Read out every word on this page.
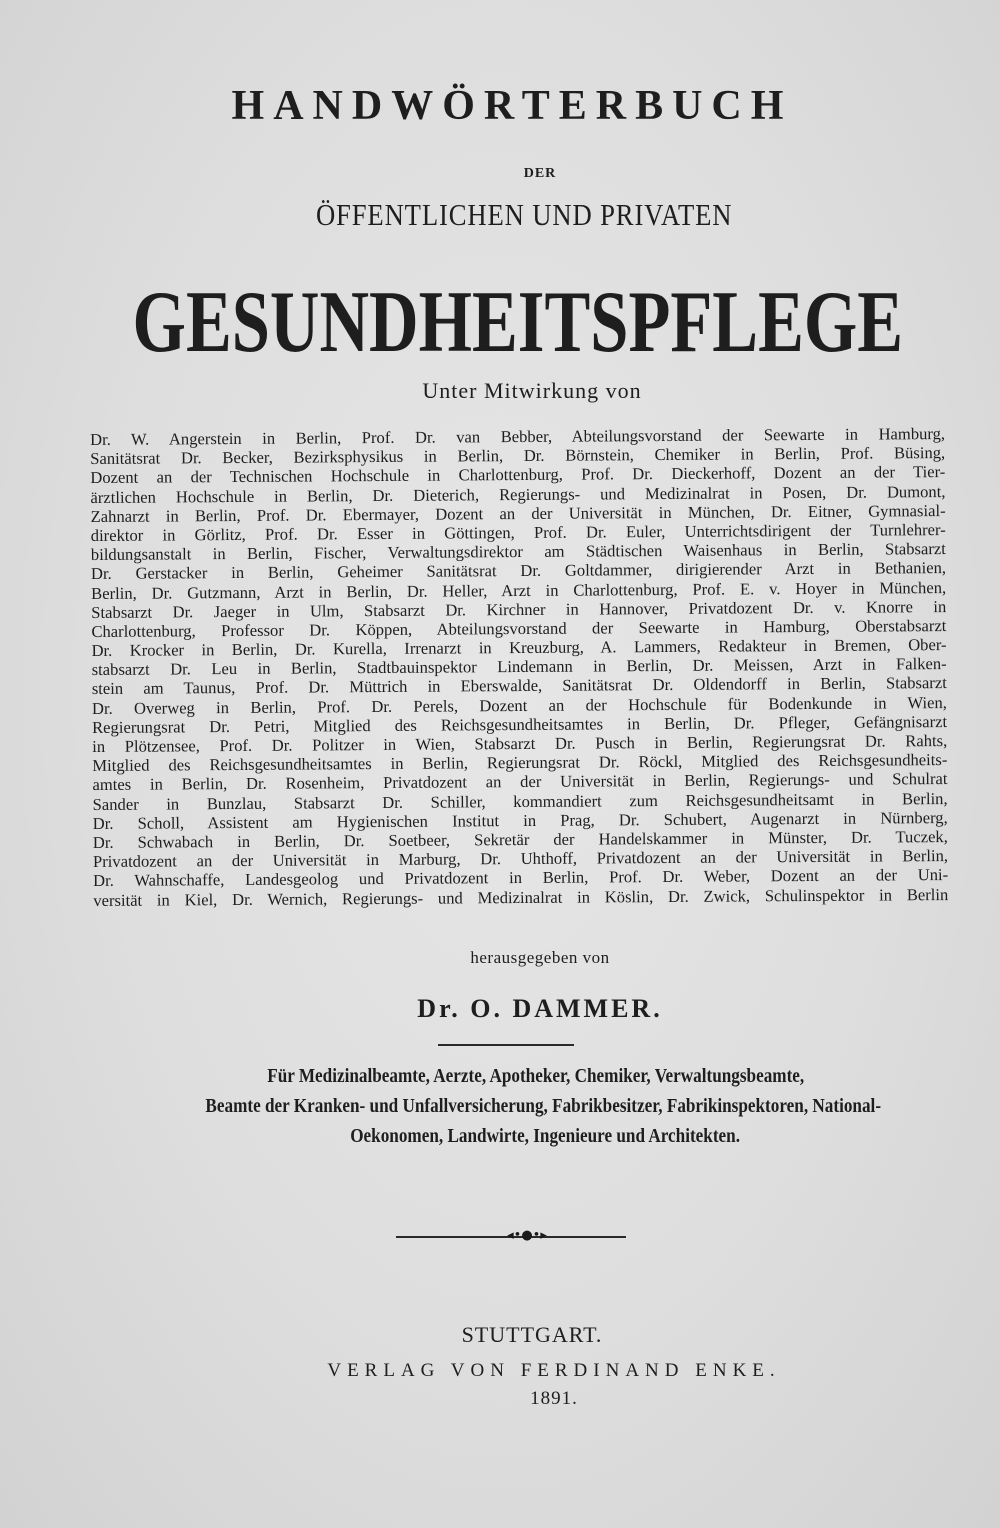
HANDWÖRTERBUCH
DER
ÖFFENTLICHEN UND PRIVATEN
GESUNDHEITSPFLEGE
Unter Mitwirkung von
Dr. W. Angerstein in Berlin, Prof. Dr. van Bebber, Abteilungsvorstand der Seewarte in Hamburg,
Sanitätsrat Dr. Becker, Bezirksphysikus in Berlin, Dr. Börnstein, Chemiker in Berlin, Prof. Büsing,
Dozent an der Technischen Hochschule in Charlottenburg, Prof. Dr. Dieckerhoff, Dozent an der Tier-
ärztlichen Hochschule in Berlin, Dr. Dieterich, Regierungs- und Medizinalrat in Posen, Dr. Dumont,
Zahnarzt in Berlin, Prof. Dr. Ebermayer, Dozent an der Universität in München, Dr. Eitner, Gymnasial-
direktor in Görlitz, Prof. Dr. Esser in Göttingen, Prof. Dr. Euler, Unterrichtsdirigent der Turnlehrer-
bildungsanstalt in Berlin, Fischer, Verwaltungsdirektor am Städtischen Waisenhaus in Berlin, Stabsarzt
Dr. Gerstacker in Berlin, Geheimer Sanitätsrat Dr. Goltdammer, dirigierender Arzt in Bethanien,
Berlin, Dr. Gutzmann, Arzt in Berlin, Dr. Heller, Arzt in Charlottenburg, Prof. E. v. Hoyer in München,
Stabsarzt Dr. Jaeger in Ulm, Stabsarzt Dr. Kirchner in Hannover, Privatdozent Dr. v. Knorre in
Charlottenburg, Professor Dr. Köppen, Abteilungsvorstand der Seewarte in Hamburg, Oberstabsarzt
Dr. Krocker in Berlin, Dr. Kurella, Irrenarzt in Kreuzburg, A. Lammers, Redakteur in Bremen, Ober-
stabsarzt Dr. Leu in Berlin, Stadtbauinspektor Lindemann in Berlin, Dr. Meissen, Arzt in Falken-
stein am Taunus, Prof. Dr. Müttrich in Eberswalde, Sanitätsrat Dr. Oldendorff in Berlin, Stabsarzt
Dr. Overweg in Berlin, Prof. Dr. Perels, Dozent an der Hochschule für Bodenkunde in Wien,
Regierungsrat Dr. Petri, Mitglied des Reichsgesundheitsamtes in Berlin, Dr. Pfleger, Gefängnisarzt
in Plötzensee, Prof. Dr. Politzer in Wien, Stabsarzt Dr. Pusch in Berlin, Regierungsrat Dr. Rahts,
Mitglied des Reichsgesundheitsamtes in Berlin, Regierungsrat Dr. Röckl, Mitglied des Reichsgesundheits-
amtes in Berlin, Dr. Rosenheim, Privatdozent an der Universität in Berlin, Regierungs- und Schulrat
Sander in Bunzlau, Stabsarzt Dr. Schiller, kommandiert zum Reichsgesundheitsamt in Berlin,
Dr. Scholl, Assistent am Hygienischen Institut in Prag, Dr. Schubert, Augenarzt in Nürnberg,
Dr. Schwabach in Berlin, Dr. Soetbeer, Sekretär der Handelskammer in Münster, Dr. Tuczek,
Privatdozent an der Universität in Marburg, Dr. Uhthoff, Privatdozent an der Universität in Berlin,
Dr. Wahnschaffe, Landesgeolog und Privatdozent in Berlin, Prof. Dr. Weber, Dozent an der Uni-
versität in Kiel, Dr. Wernich, Regierungs- und Medizinalrat in Köslin, Dr. Zwick, Schulinspektor in Berlin
herausgegeben von
Dr. O. DAMMER.
Für Medizinalbeamte, Aerzte, Apotheker, Chemiker, Verwaltungsbeamte,
Beamte der Kranken- und Unfallversicherung, Fabrikbesitzer, Fabrikinspektoren, National-
Oekonomen, Landwirte, Ingenieure und Architekten.
◂•●•▸
STUTTGART.
VERLAG VON FERDINAND ENKE.
1891.
